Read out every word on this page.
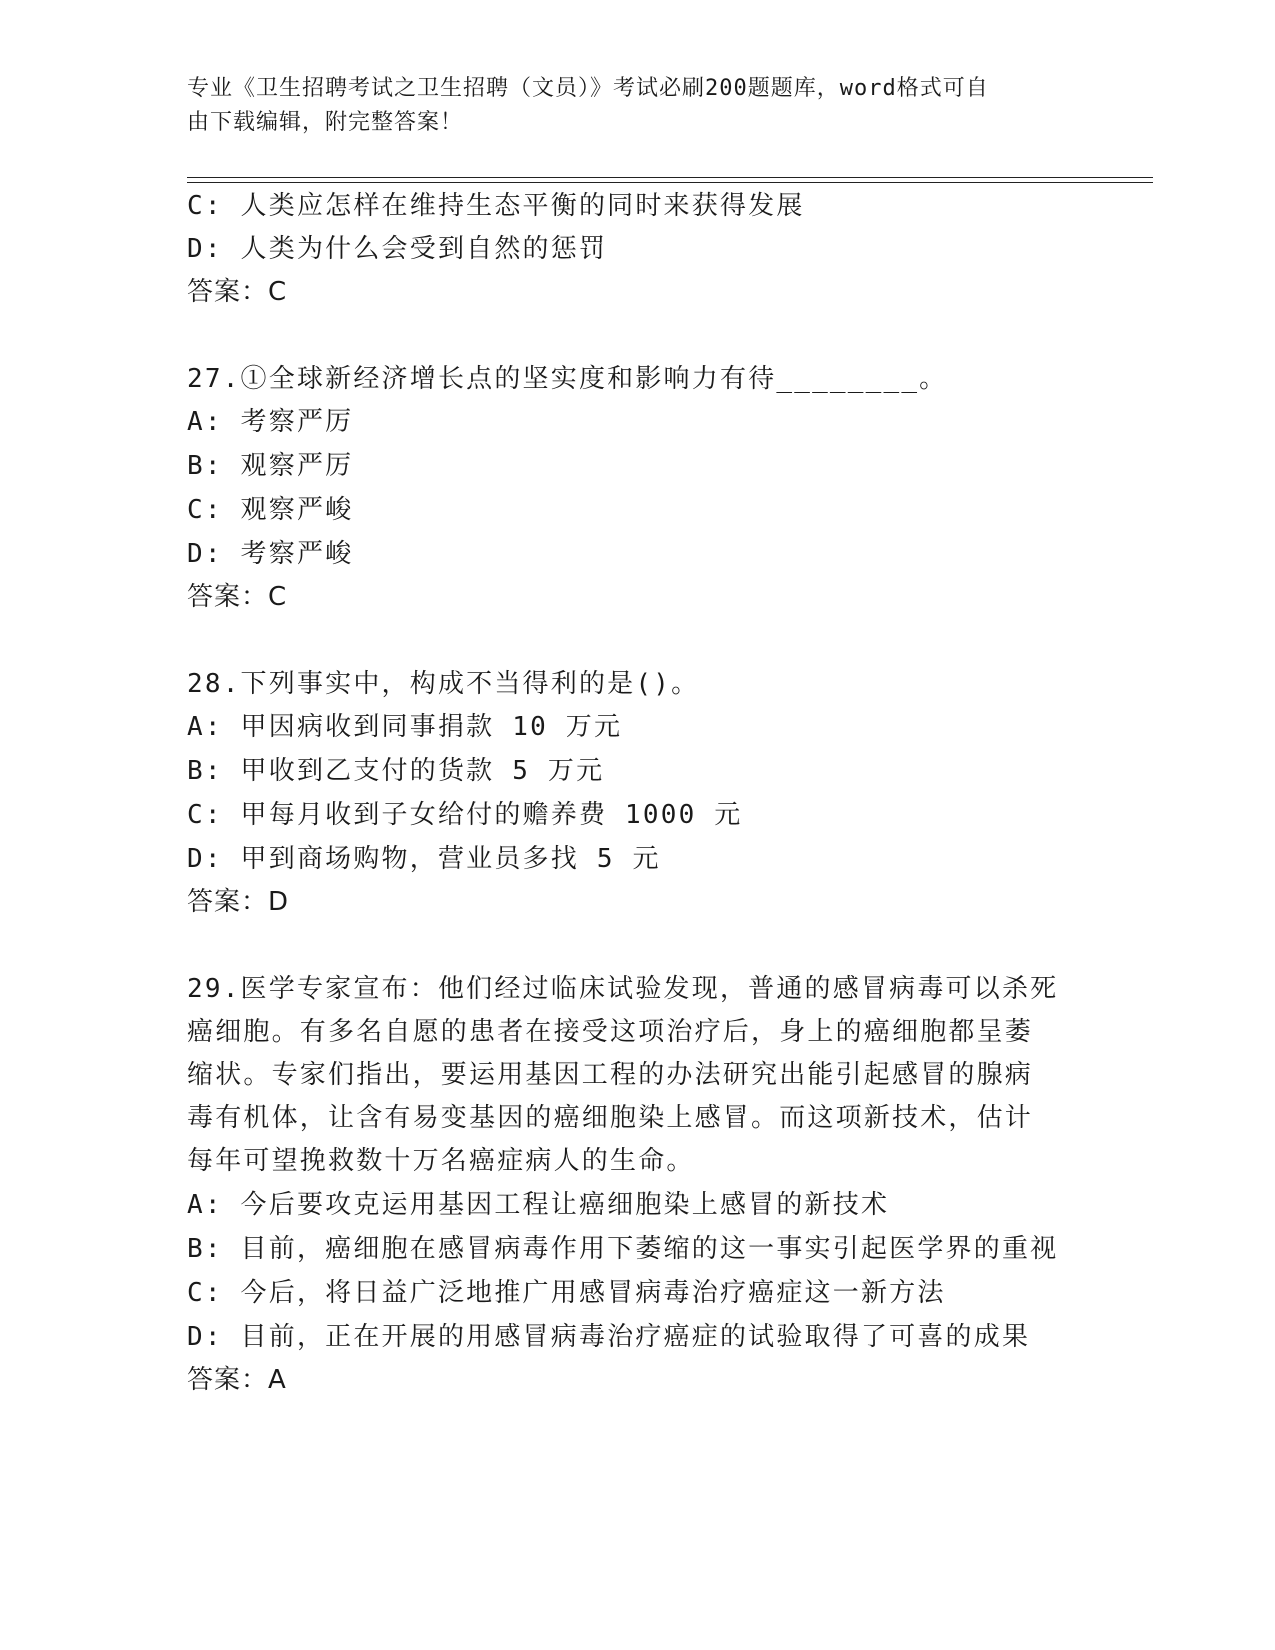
专业《卫生招聘考试之卫生招聘（文员）》考试必刷200题题库，word格式可自
由下载编辑，附完整答案！
C: 人类应怎样在维持生态平衡的同时来获得发展
D: 人类为什么会受到自然的惩罚
答案：C
27.①全球新经济增长点的坚实度和影响力有待________。
A: 考察严厉
B: 观察严厉
C: 观察严峻
D: 考察严峻
答案：C
28.下列事实中，构成不当得利的是()。
A: 甲因病收到同事捐款 10 万元
B: 甲收到乙支付的货款 5 万元
C: 甲每月收到子女给付的赡养费 1000 元
D: 甲到商场购物，营业员多找 5 元
答案：D
29.医学专家宣布：他们经过临床试验发现，普通的感冒病毒可以杀死
癌细胞。有多名自愿的患者在接受这项治疗后，身上的癌细胞都呈萎
缩状。专家们指出，要运用基因工程的办法研究出能引起感冒的腺病
毒有机体，让含有易变基因的癌细胞染上感冒。而这项新技术，估计
每年可望挽救数十万名癌症病人的生命。
A: 今后要攻克运用基因工程让癌细胞染上感冒的新技术
B: 目前，癌细胞在感冒病毒作用下萎缩的这一事实引起医学界的重视
C: 今后，将日益广泛地推广用感冒病毒治疗癌症这一新方法
D: 目前，正在开展的用感冒病毒治疗癌症的试验取得了可喜的成果
答案：A
